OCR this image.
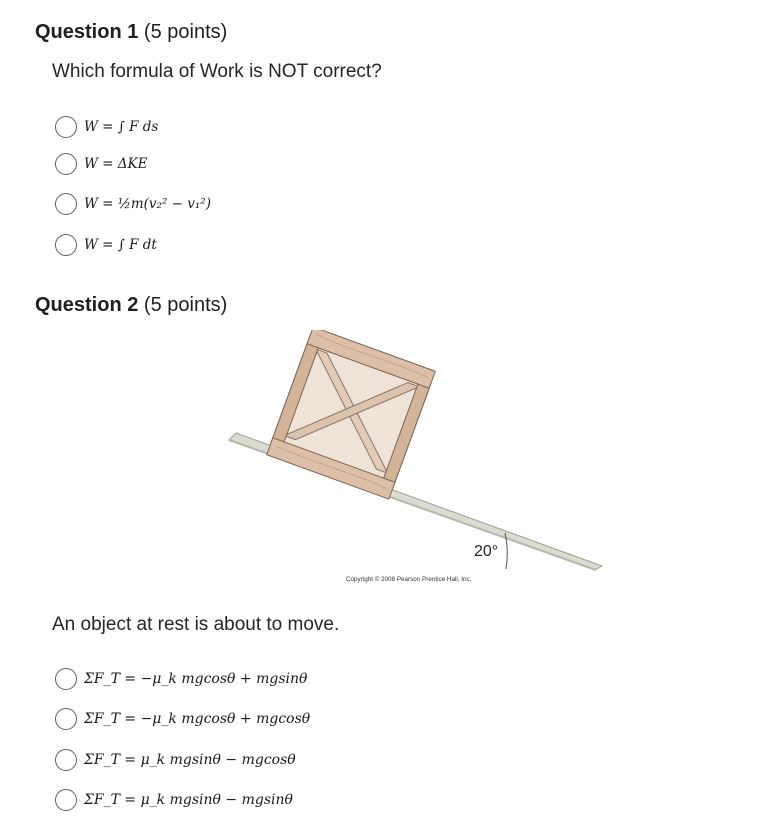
Question 1 (5 points)
Which formula of Work is NOT correct?
W = ∫ F ds
W = ΔKE
W = ½m(v₂² − v₁²)
W = ∫ F dt
Question 2 (5 points)
20°
Copyright © 2008 Pearson Prentice Hall, Inc.
An object at rest is about to move.
ΣF_T = −μ_k mgcosθ + mgsinθ
ΣF_T = −μ_k mgcosθ + mgcosθ
ΣF_T = μ_k mgsinθ − mgcosθ
ΣF_T = μ_k mgsinθ − mgsinθ
